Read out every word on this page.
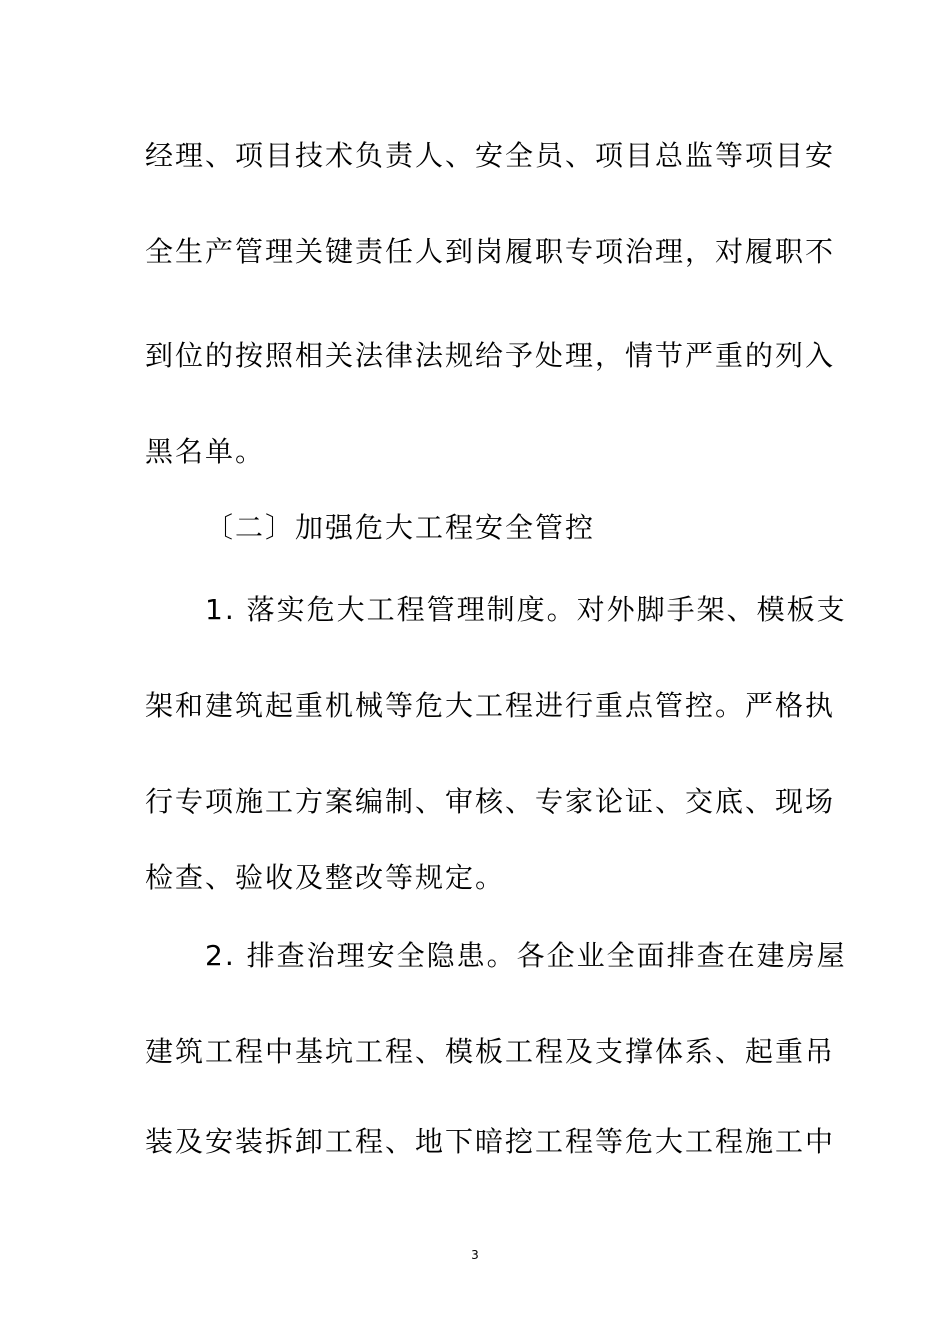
经理、项目技术负责人、安全员、项目总监等项目安
全生产管理关键责任人到岗履职专项治理，对履职不
到位的按照相关法律法规给予处理，情节严重的列入
黑名单。
〔二〕加强危大工程安全管控
1. 落实危大工程管理制度。对外脚手架、模板支
架和建筑起重机械等危大工程进行重点管控。严格执
行专项施工方案编制、审核、专家论证、交底、现场
检查、验收及整改等规定。
2. 排查治理安全隐患。各企业全面排查在建房屋
建筑工程中基坑工程、模板工程及支撑体系、起重吊
装及安装拆卸工程、地下暗挖工程等危大工程施工中
3
